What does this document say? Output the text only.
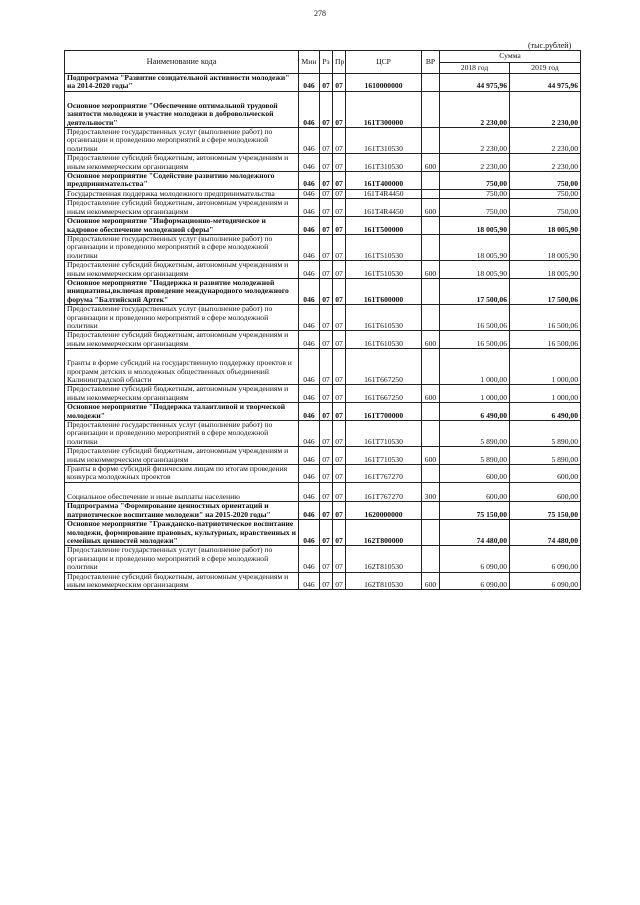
278
(тыс.рублей)
Наименование кода	Мин	Рз	Пр	ЦСР	ВР	Сумма	
						2018 год	2019 год
Подпрограмма "Развитие созидательной активности молодежи" на 2014-2020 годы"	046	07	07	1610000000		44 975,96	44 975,96

Основное мероприятие "Обеспечение оптимальной трудовой занятости молодежи и участие молодежи в добровольческой деятельности"	046	07	07	161T300000		2 230,00	2 230,00
Предоставление государственных услуг (выполнение работ) по организации и проведению мероприятий в сфере молодежной политики	046	07	07	161T310530		2 230,00	2 230,00
Предоставление субсидий бюджетным, автономным учреждениям и иным некоммерческим организациям	046	07	07	161T310530	600	2 230,00	2 230,00
Основное мероприятие "Содействие развитию молодежного предпринимательства"	046	07	07	161T400000		750,00	750,00
Государственная поддержка молодежного предпринимательства	046	07	07	161T4R4450		750,00	750,00
Предоставление субсидий бюджетным, автономным учреждениям и иным некоммерческим организациям	046	07	07	161T4R4450	600	750,00	750,00
Основное мероприятие "Информационно-методическое и кадровое обеспечение молодежной сферы"	046	07	07	161T500000		18 005,90	18 005,90
Предоставление государственных услуг (выполнение работ) по организации и проведению мероприятий в сфере молодежной политики	046	07	07	161T510530		18 005,90	18 005,90
Предоставление субсидий бюджетным, автономным учреждениям и иным некоммерческим организациям	046	07	07	161T510530	600	18 005,90	18 005,90
Основное мероприятие "Поддержка и развитие молодежной инициативы,включая проведение международного молодежного форума "Балтийский Артек"	046	07	07	161T600000		17 500,06	17 500,06
Предоставление государственных услуг (выполнение работ) по организации и проведению мероприятий в сфере молодежной политики	046	07	07	161T610530		16 500,06	16 500,06
Предоставление субсидий бюджетным, автономным учреждениям и иным некоммерческим организациям	046	07	07	161T610530	600	16 500,06	16 500,06

Гранты в форме субсидий на государственную поддержку проектов и программ детских и молодежных общественных объединений Калининградской области	046	07	07	161T667250		1 000,00	1 000,00
Предоставление субсидий бюджетным, автономным учреждениям и иным некоммерческим организациям	046	07	07	161T667250	600	1 000,00	1 000,00
Основное мероприятие "Поддержка талантливой и творческой молодежи"	046	07	07	161T700000		6 490,00	6 490,00
Предоставление государственных услуг (выполнение работ) по организации и проведению мероприятий в сфере молодежной политики	046	07	07	161T710530		5 890,00	5 890,00
Предоставление субсидий бюджетным, автономным учреждениям и иным некоммерческим организациям	046	07	07	161T710530	600	5 890,00	5 890,00
Гранты в форме субсидий физическим лицам по итогам проведения конкурса молодежных проектов	046	07	07	161T767270		600,00	600,00

Социальное обеспечение и иные выплаты населению	046	07	07	161T767270	300	600,00	600,00
Подпрограмма "Формирование ценностных ориентаций и патриотическое воспитание молодежи" на 2015-2020 годы"	046	07	07	1620000000		75 150,00	75 150,00
Основное мероприятие "Гражданско-патриотическое воспитание молодежи, формирование правовых, культурных, нравственных и семейных ценностей молодежи"	046	07	07	162T800000		74 480,00	74 480,00
Предоставление государственных услуг (выполнение работ) по организации и проведению мероприятий в сфере молодежной политики	046	07	07	162T810530		6 090,00	6 090,00
Предоставление субсидий бюджетным, автономным учреждениям и иным некоммерческим организациям	046	07	07	162T810530	600	6 090,00	6 090,00
